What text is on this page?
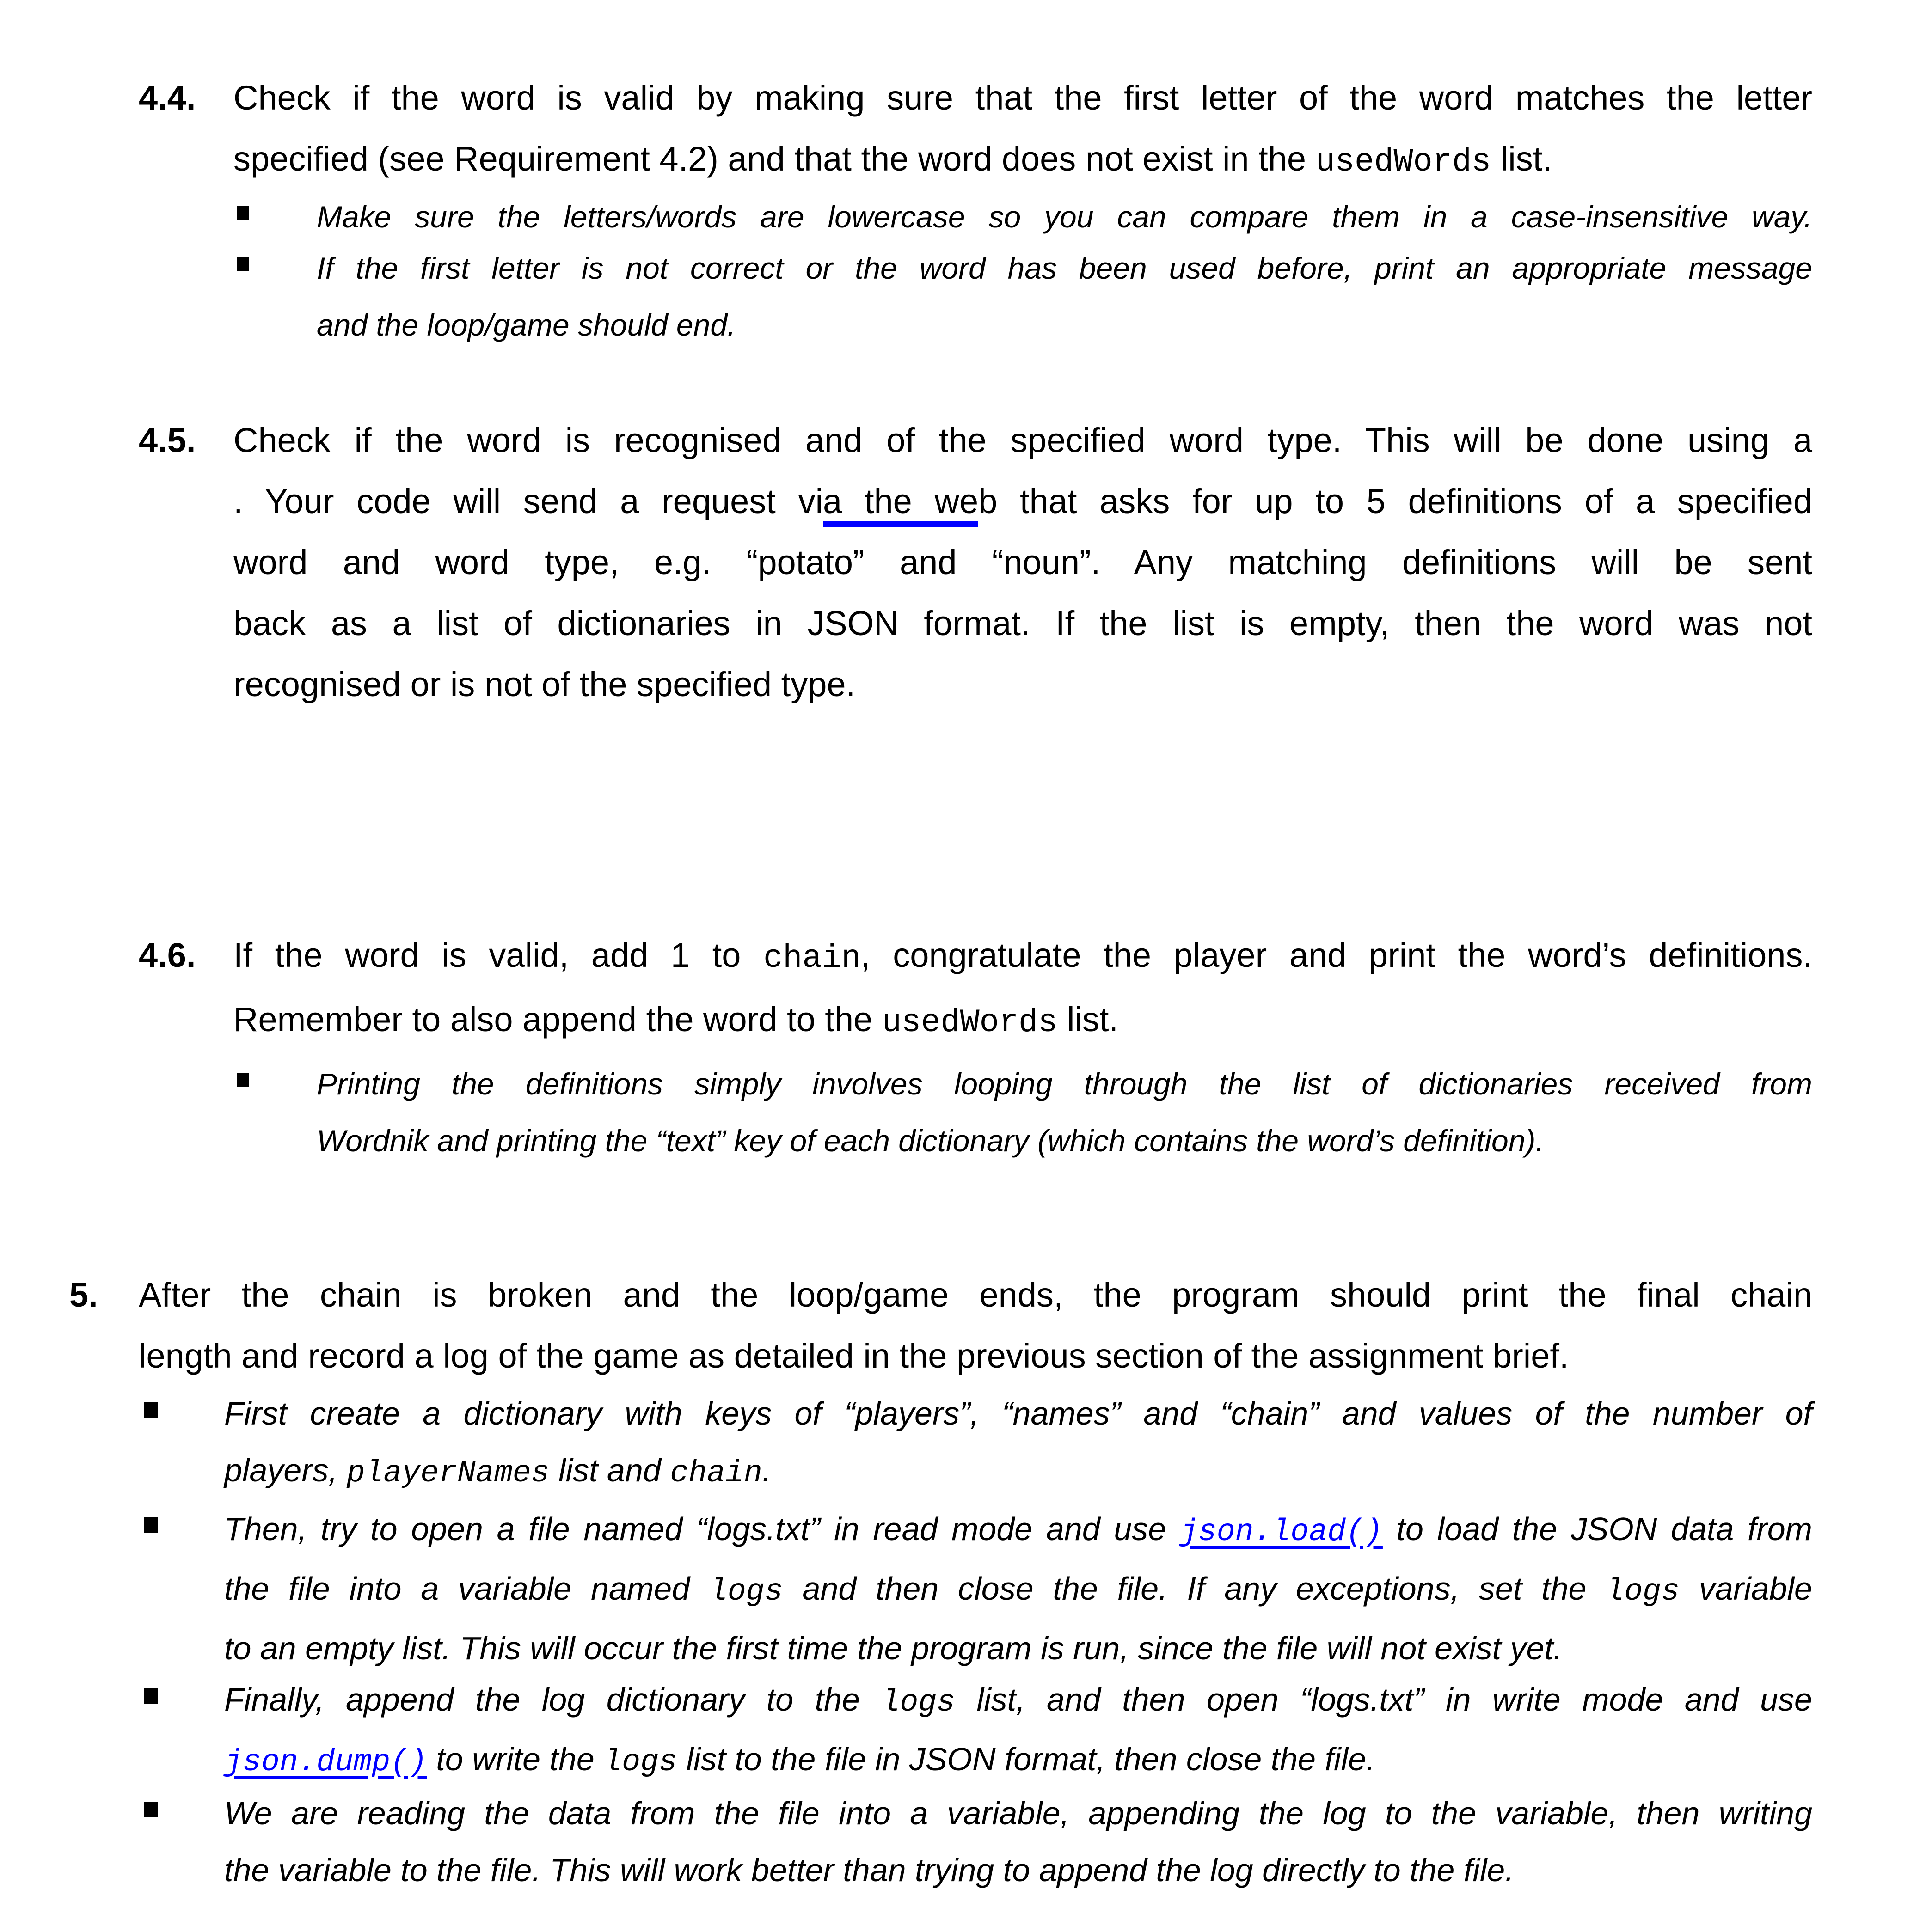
4.4. Check if the word is valid by making sure that the first letter of the word matches the letter
specified (see Requirement 4.2) and that the word does not exist in the usedWords list.
Make sure the letters/words are lowercase so you can compare them in a case-insensitive way.
If the first letter is not correct or the word has been used before, print an appropriate message
and the loop/game should end.
4.5. Check if the word is recognised and of the specified word type. This will be done using a
. Your code will send a request via the web that asks for up to 5 definitions of a specified
word and word type, e.g. “potato” and “noun”. Any matching definitions will be sent
back as a list of dictionaries in JSON format. If the list is empty, then the word was not
recognised or is not of the specified type.
4.6. If the word is valid, add 1 to chain, congratulate the player and print the word’s definitions.
Remember to also append the word to the usedWords list.
Printing the definitions simply involves looping through the list of dictionaries received from
Wordnik and printing the “text” key of each dictionary (which contains the word’s definition).
5. After the chain is broken and the loop/game ends, the program should print the final chain
length and record a log of the game as detailed in the previous section of the assignment brief.
First create a dictionary with keys of “players”, “names” and “chain” and values of the number of
players, playerNames list and chain.
Then, try to open a file named “logs.txt” in read mode and use json.load() to load the JSON data from
the file into a variable named logs and then close the file. If any exceptions, set the logs variable
to an empty list. This will occur the first time the program is run, since the file will not exist yet.
Finally, append the log dictionary to the logs list, and then open “logs.txt” in write mode and use
json.dump() to write the logs list to the file in JSON format, then close the file.
We are reading the data from the file into a variable, appending the log to the variable, then writing
the variable to the file. This will work better than trying to append the log directly to the file.
